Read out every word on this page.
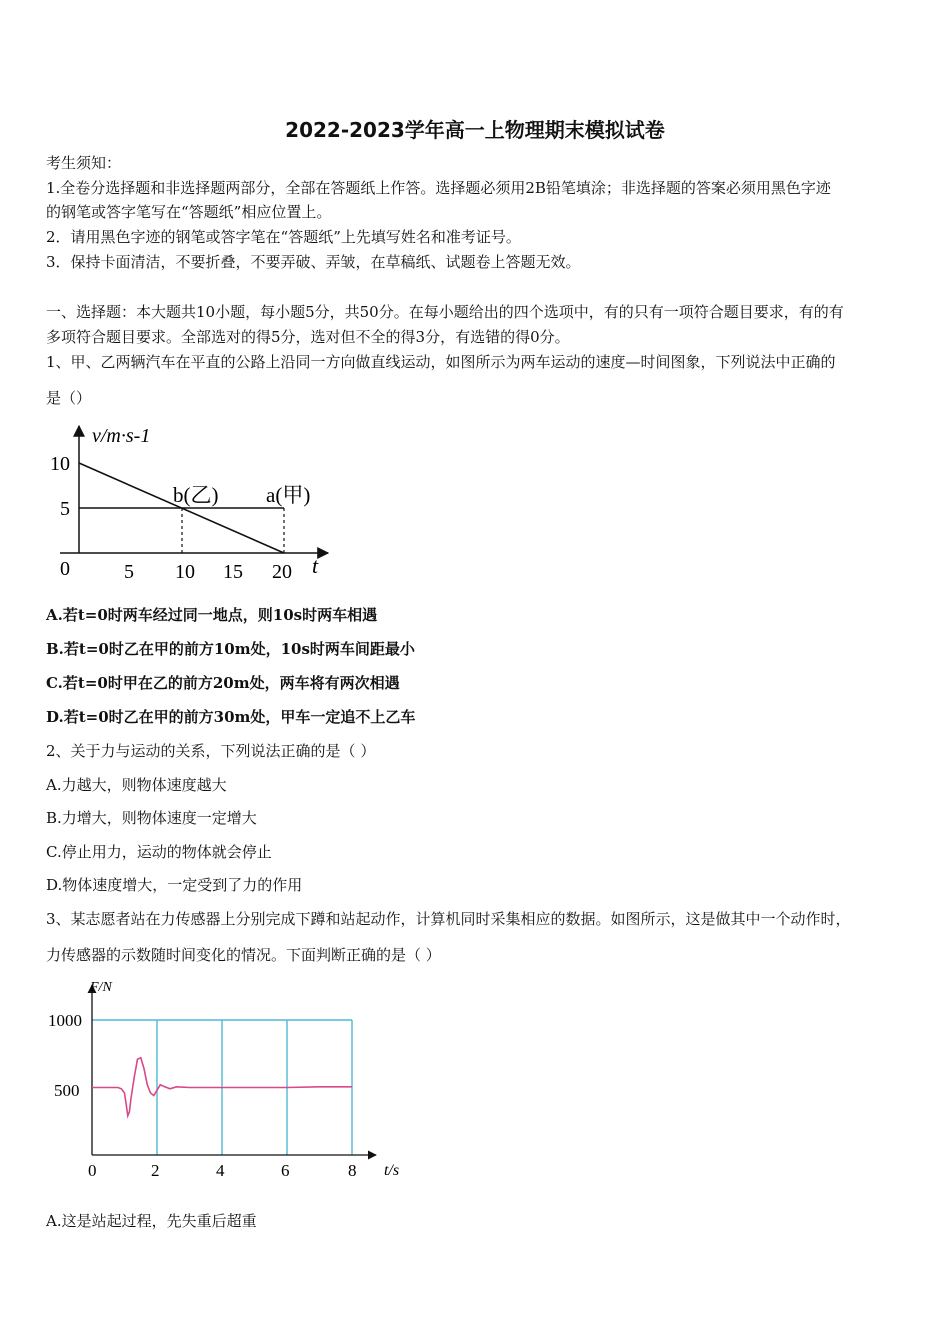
2022-2023学年高一上物理期末模拟试卷
考生须知：
1.全卷分选择题和非选择题两部分，全部在答题纸上作答。选择题必须用2B铅笔填涂；非选择题的答案必须用黑色字迹
的钢笔或答字笔写在“答题纸”相应位置上。
2．请用黑色字迹的钢笔或答字笔在“答题纸”上先填写姓名和准考证号。
3．保持卡面清洁，不要折叠，不要弄破、弄皱，在草稿纸、试题卷上答题无效。
一、选择题：本大题共10小题，每小题5分，共50分。在每小题给出的四个选项中，有的只有一项符合题目要求，有的有
多项符合题目要求。全部选对的得5分，选对但不全的得3分，有选错的得0分。
1、甲、乙两辆汽车在平直的公路上沿同一方向做直线运动，如图所示为两车运动的速度—时间图象，下列说法中正确的
是（）
v/m·s-1
t
10
5
0	5 10 15 20
b(乙) a(甲)
A.若t=0时两车经过同一地点，则10s时两车相遇
B.若t=0时乙在甲的前方10m处，10s时两车间距最小
C.若t=0时甲在乙的前方20m处，两车将有两次相遇
D.若t=0时乙在甲的前方30m处，甲车一定追不上乙车
2、关于力与运动的关系，下列说法正确的是（ ）
A.力越大，则物体速度越大
B.力增大，则物体速度一定增大
C.停止用力，运动的物体就会停止
D.物体速度增大，一定受到了力的作用
3、某志愿者站在力传感器上分别完成下蹲和站起动作，计算机同时采集相应的数据。如图所示，这是做其中一个动作时，
力传感器的示数随时间变化的情况。下面判断正确的是（ ）
F/N
t/s
1000
500
0	2	4	6	8
A.这是站起过程，先失重后超重
